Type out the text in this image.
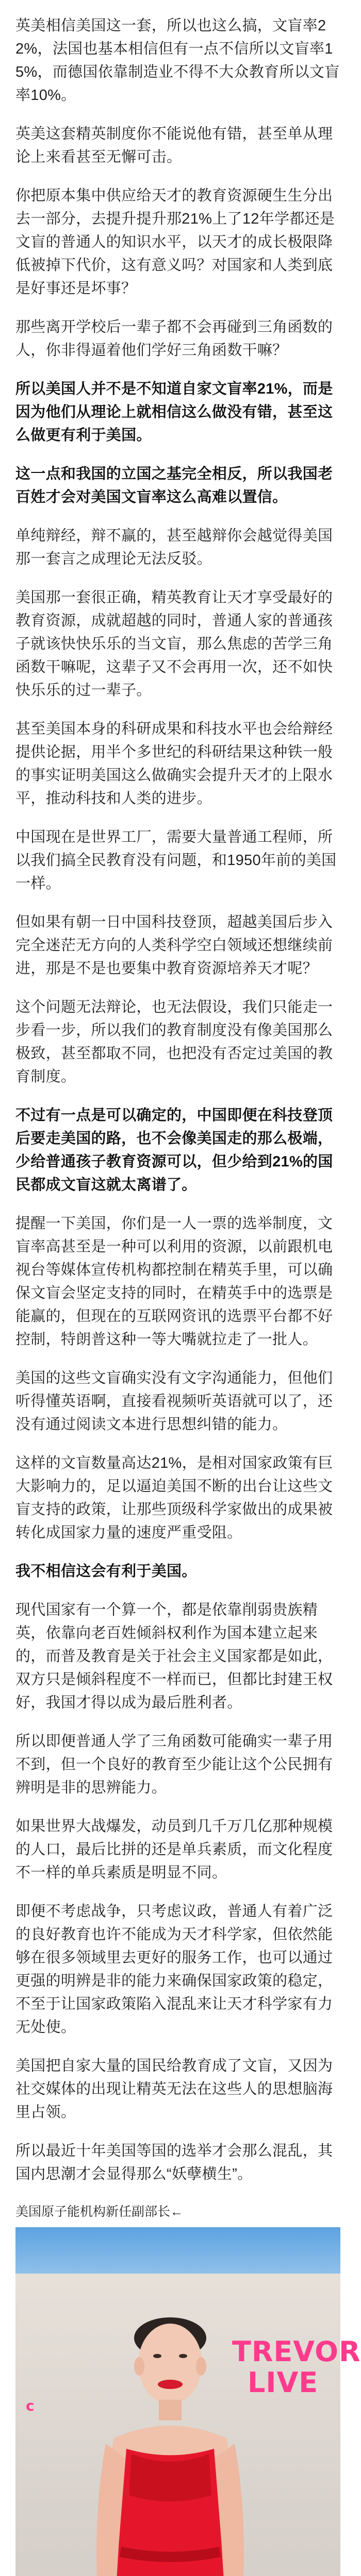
英美相信美国这一套，所以也这么搞，文盲率22%，法国也基本相信但有一点不信所以文盲率15%，而德国依靠制造业不得不大众教育所以文盲率10%。

英美这套精英制度你不能说他有错，甚至单从理论上来看甚至无懈可击。

你把原本集中供应给天才的教育资源硬生生分出去一部分，去提升提升那21%上了12年学都还是文盲的普通人的知识水平，以天才的成长极限降低被掉下代价，这有意义吗？对国家和人类到底是好事还是坏事？

那些离开学校后一辈子都不会再碰到三角函数的人，你非得逼着他们学好三角函数干嘛？

所以美国人并不是不知道自家文盲率21%，而是因为他们从理论上就相信这么做没有错，甚至这么做更有利于美国。

这一点和我国的立国之基完全相反，所以我国老百姓才会对美国文盲率这么高难以置信。

单纯辩经，辩不赢的，甚至越辩你会越觉得美国那一套言之成理论无法反驳。

美国那一套很正确，精英教育让天才享受最好的教育资源，成就超越的同时，普通人家的普通孩子就该快快乐乐的当文盲，那么焦虑的苦学三角函数干嘛呢，这辈子又不会再用一次，还不如快快乐乐的过一辈子。

甚至美国本身的科研成果和科技水平也会给辩经提供论据，用半个多世纪的科研结果这种铁一般的事实证明美国这么做确实会提升天才的上限水平，推动科技和人类的进步。

中国现在是世界工厂，需要大量普通工程师，所以我们搞全民教育没有问题，和1950年前的美国一样。

但如果有朝一日中国科技登顶，超越美国后步入完全迷茫无方向的人类科学空白领域还想继续前进，那是不是也要集中教育资源培养天才呢？

这个问题无法辩论，也无法假设，我们只能走一步看一步，所以我们的教育制度没有像美国那么极致，甚至都取不同，也把没有否定过美国的教育制度。

不过有一点是可以确定的，中国即便在科技登顶后要走美国的路，也不会像美国走的那么极端，少给普通孩子教育资源可以，但少给到21%的国民都成文盲这就太离谱了。

提醒一下美国，你们是一人一票的选举制度，文盲率高甚至是一种可以利用的资源，以前跟机电视台等媒体宣传机构都控制在精英手里，可以确保文盲会坚定支持的同时，在精英手中的选票是能赢的，但现在的互联网资讯的选票平台都不好控制，特朗普这种一等大嘴就拉走了一批人。

美国的这些文盲确实没有文字沟通能力，但他们听得懂英语啊，直接看视频听英语就可以了，还没有通过阅读文本进行思想纠错的能力。

这样的文盲数量高达21%，是相对国家政策有巨大影响力的，足以逼迫美国不断的出台让这些文盲支持的政策，让那些顶级科学家做出的成果被转化成国家力量的速度严重受阻。

我不相信这会有利于美国。

现代国家有一个算一个，都是依靠削弱贵族精英，依靠向老百姓倾斜权利作为国本建立起来的，而普及教育是关于社会主义国家都是如此，双方只是倾斜程度不一样而已，但都比封建王权好，我国才得以成为最后胜利者。

所以即便普通人学了三角函数可能确实一辈子用不到，但一个良好的教育至少能让这个公民拥有辨明是非的思辨能力。

如果世界大战爆发，动员到几千万几亿那种规模的人口，最后比拼的还是单兵素质，而文化程度不一样的单兵素质是明显不同。

即便不考虑战争，只考虑议政，普通人有着广泛的良好教育也许不能成为天才科学家，但依然能够在很多领域里去更好的服务工作，也可以通过更强的明辨是非的能力来确保国家政策的稳定，不至于让国家政策陷入混乱来让天才科学家有力无处使。

美国把自家大量的国民给教育成了文盲，又因为社交媒体的出现让精英无法在这些人的思想脑海里占领。

所以最近十年美国等国的选举才会那么混乱，其国内思潮才会显得那么“妖孽横生”。

美国原子能机构新任副部长←
c
TREVOR
LIVE
